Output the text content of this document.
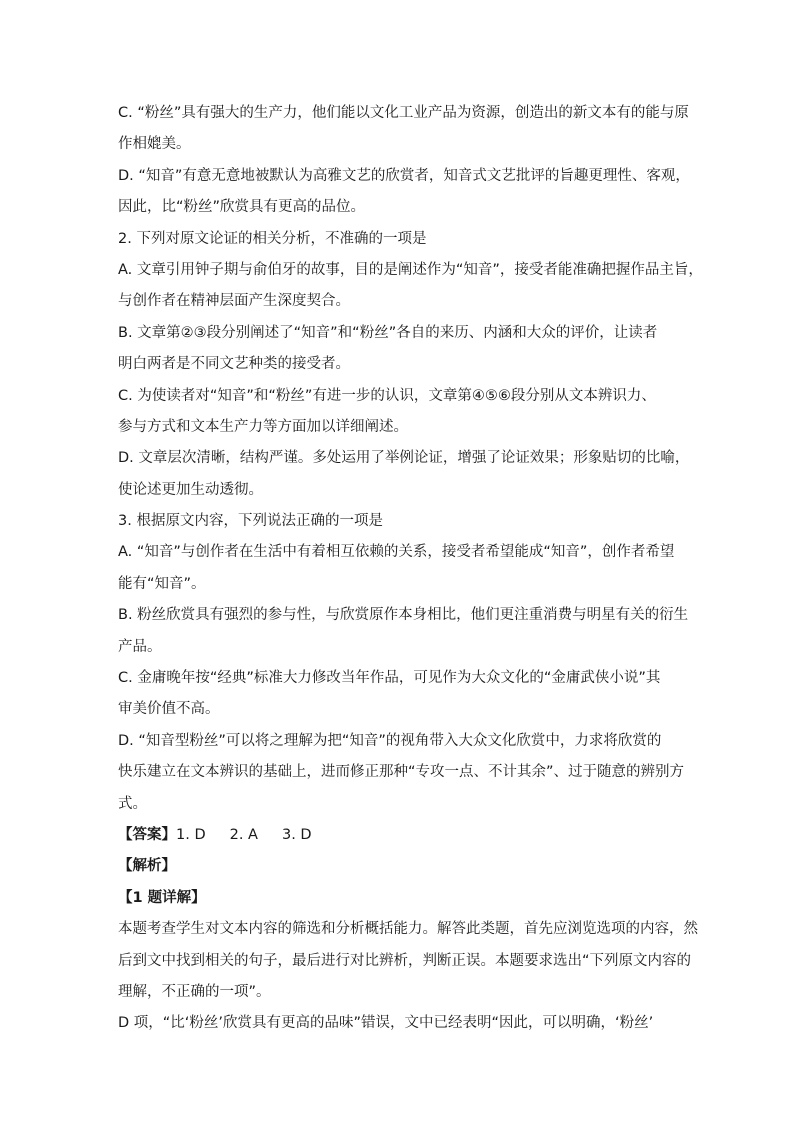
C. “粉丝”具有强大的生产力，他们能以文化工业产品为资源，创造出的新文本有的能与原
作相媲美。
D. “知音”有意无意地被默认为高雅文艺的欣赏者，知音式文艺批评的旨趣更理性、客观，
因此，比“粉丝”欣赏具有更高的品位。
2. 下列对原文论证的相关分析，不准确的一项是
A. 文章引用钟子期与俞伯牙的故事，目的是阐述作为“知音”，接受者能准确把握作品主旨，
与创作者在精神层面产生深度契合。
B. 文章第②③段分别阐述了“知音”和“粉丝”各自的来历、内涵和大众的评价，让读者
明白两者是不同文艺种类的接受者。
C. 为使读者对“知音”和“粉丝”有进一步的认识，文章第④⑤⑥段分别从文本辨识力、
参与方式和文本生产力等方面加以详细阐述。
D. 文章层次清晰，结构严谨。多处运用了举例论证，增强了论证效果；形象贴切的比喻，
使论述更加生动透彻。
3. 根据原文内容，下列说法正确的一项是
A. “知音”与创作者在生活中有着相互依赖的关系，接受者希望能成“知音”，创作者希望
能有“知音”。
B. 粉丝欣赏具有强烈的参与性，与欣赏原作本身相比，他们更注重消费与明星有关的衍生
产品。
C. 金庸晚年按“经典”标准大力修改当年作品，可见作为大众文化的“金庸武侠小说”其
审美价值不高。
D. “知音型粉丝”可以将之理解为把“知音”的视角带入大众文化欣赏中，力求将欣赏的
快乐建立在文本辨识的基础上，进而修正那种“专攻一点、不计其余”、过于随意的辨别方
式。
【答案】1. D 2. A 3. D
【解析】
【1 题详解】
本题考查学生对文本内容的筛选和分析概括能力。解答此类题，首先应浏览选项的内容，然
后到文中找到相关的句子，最后进行对比辨析，判断正误。本题要求选出“下列原文内容的
理解，不正确的一项”。
D 项，“比‘粉丝’欣赏具有更高的品味”错误，文中已经表明“因此，可以明确，‘粉丝’
